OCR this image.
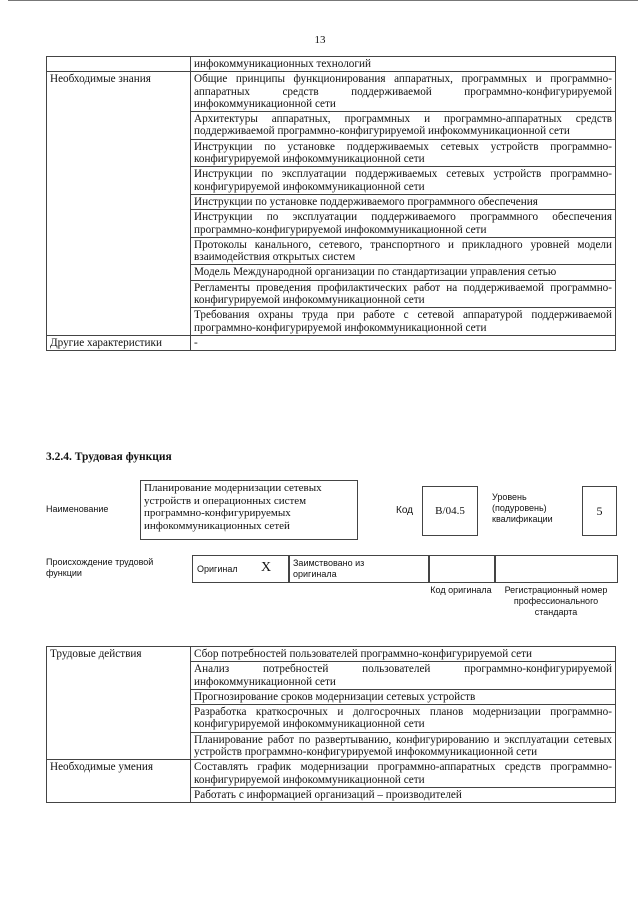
13
	инфокоммуникационных технологий
Необходимые знания	Общие принципы функционирования аппаратных, программных и программно-аппаратных средств поддерживаемой программно-конфигурируемой инфокоммуникационной сети
	Архитектуры аппаратных, программных и программно-аппаратных средств поддерживаемой программно-конфигурируемой инфокоммуникационной сети
	Инструкции по установке поддерживаемых сетевых устройств программно-конфигурируемой инфокоммуникационной сети
	Инструкции по эксплуатации поддерживаемых сетевых устройств программно-конфигурируемой инфокоммуникационной сети
	Инструкции по установке поддерживаемого программного обеспечения
	Инструкции по эксплуатации поддерживаемого программного обеспечения программно-конфигурируемой инфокоммуникационной сети
	Протоколы канального, сетевого, транспортного и прикладного уровней модели взаимодействия открытых систем
	Модель Международной организации по стандартизации управления сетью
	Регламенты проведения профилактических работ на поддерживаемой программно-конфигурируемой инфокоммуникационной сети
	Требования охраны труда при работе с сетевой аппаратурой поддерживаемой программно-конфигурируемой инфокоммуникационной сети
Другие характеристики	-
3.2.4. Трудовая функция
Наименование
Планирование модернизации сетевых устройств и операционных систем программно-конфигурируемых инфокоммуникационных сетей
Код	B/04.5
Уровень (подуровень) квалификации
5
Происхождение трудовой функции	Оригинал X Заимствовано из оригинала
Код оригинала	Регистрационный номер профессионального стандарта
Трудовые действия	Сбор потребностей пользователей программно-конфигурируемой сети
	Анализ потребностей пользователей программно-конфигурируемой инфокоммуникационной сети
	Прогнозирование сроков модернизации сетевых устройств
	Разработка краткосрочных и долгосрочных планов модернизации программно-конфигурируемой инфокоммуникационной сети
	Планирование работ по развертыванию, конфигурированию и эксплуатации сетевых устройств программно-конфигурируемой инфокоммуникационной сети
Необходимые умения	Составлять график модернизации программно-аппаратных средств программно-конфигурируемой инфокоммуникационной сети
	Работать с информацией организаций – производителей
